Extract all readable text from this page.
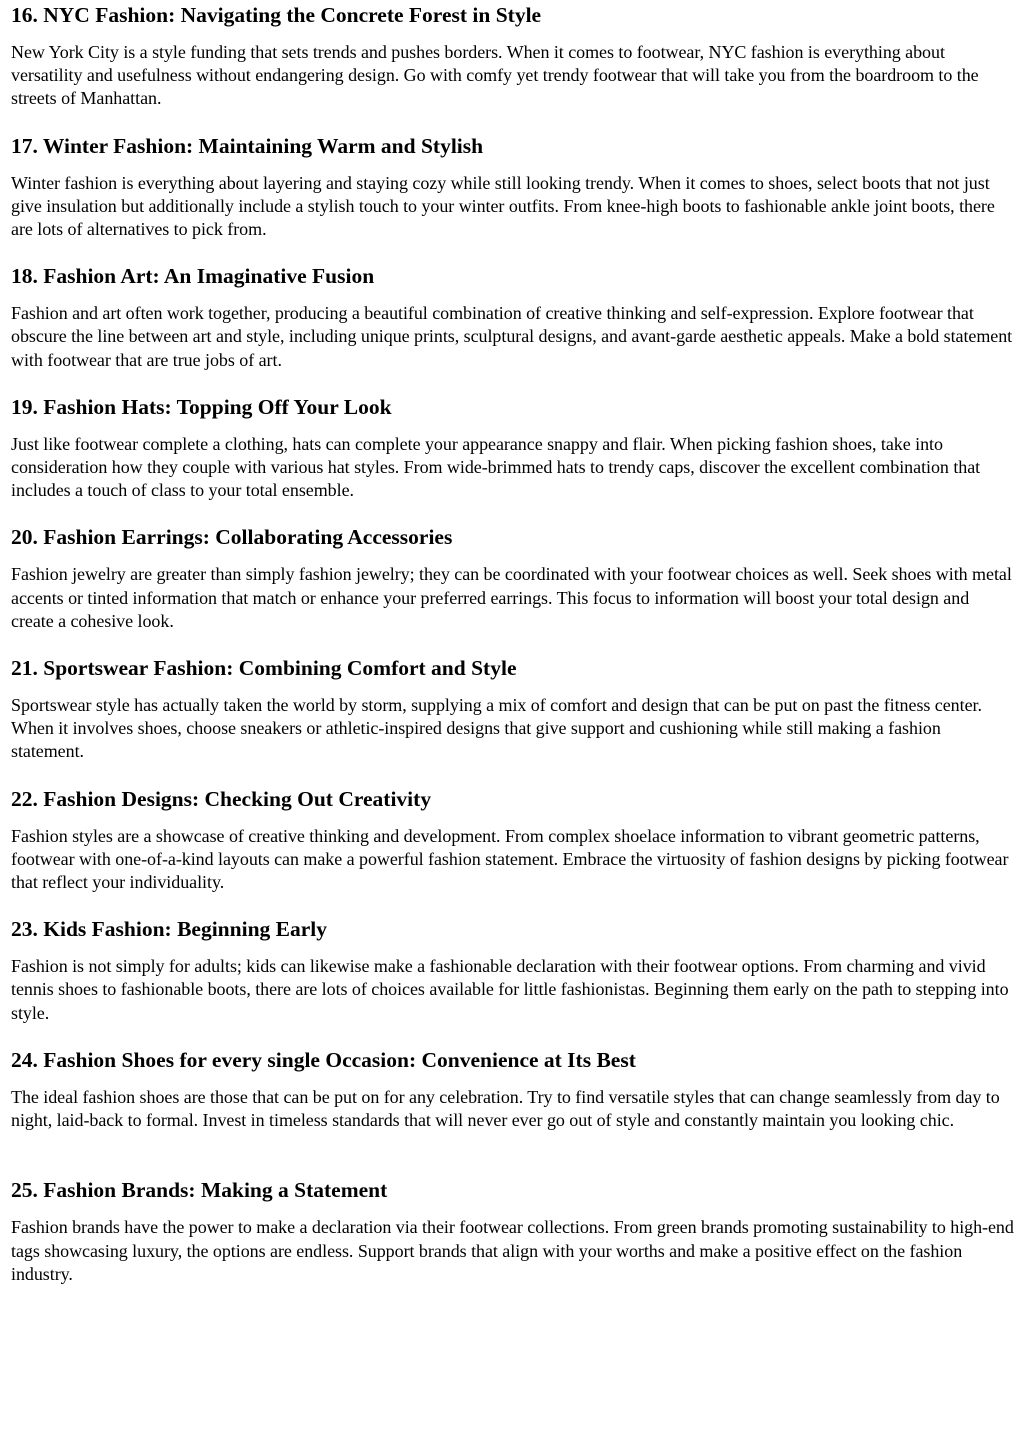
16. NYC Fashion: Navigating the Concrete Forest in Style

New York City is a style funding that sets trends and pushes borders. When it comes to footwear, NYC fashion is everything about versatility and usefulness without endangering design. Go with comfy yet trendy footwear that will take you from the boardroom to the streets of Manhattan.

17. Winter Fashion: Maintaining Warm and Stylish

Winter fashion is everything about layering and staying cozy while still looking trendy. When it comes to shoes, select boots that not just give insulation but additionally include a stylish touch to your winter outfits. From knee-high boots to fashionable ankle joint boots, there are lots of alternatives to pick from.

18. Fashion Art: An Imaginative Fusion

Fashion and art often work together, producing a beautiful combination of creative thinking and self-expression. Explore footwear that obscure the line between art and style, including unique prints, sculptural designs, and avant-garde aesthetic appeals. Make a bold statement with footwear that are true jobs of art.

19. Fashion Hats: Topping Off Your Look

Just like footwear complete a clothing, hats can complete your appearance snappy and flair. When picking fashion shoes, take into consideration how they couple with various hat styles. From wide-brimmed hats to trendy caps, discover the excellent combination that includes a touch of class to your total ensemble.

20. Fashion Earrings: Collaborating Accessories

Fashion jewelry are greater than simply fashion jewelry; they can be coordinated with your footwear choices as well. Seek shoes with metal accents or tinted information that match or enhance your preferred earrings. This focus to information will boost your total design and create a cohesive look.

21. Sportswear Fashion: Combining Comfort and Style

Sportswear style has actually taken the world by storm, supplying a mix of comfort and design that can be put on past the fitness center. When it involves shoes, choose sneakers or athletic-inspired designs that give support and cushioning while still making a fashion statement.

22. Fashion Designs: Checking Out Creativity

Fashion styles are a showcase of creative thinking and development. From complex shoelace information to vibrant geometric patterns, footwear with one-of-a-kind layouts can make a powerful fashion statement. Embrace the virtuosity of fashion designs by picking footwear that reflect your individuality.

23. Kids Fashion: Beginning Early

Fashion is not simply for adults; kids can likewise make a fashionable declaration with their footwear options. From charming and vivid tennis shoes to fashionable boots, there are lots of choices available for little fashionistas. Beginning them early on the path to stepping into style.

24. Fashion Shoes for every single Occasion: Convenience at Its Best

The ideal fashion shoes are those that can be put on for any celebration. Try to find versatile styles that can change seamlessly from day to night, laid-back to formal. Invest in timeless standards that will never ever go out of style and constantly maintain you looking chic.

25. Fashion Brands: Making a Statement

Fashion brands have the power to make a declaration via their footwear collections. From green brands promoting sustainability to high-end tags showcasing luxury, the options are endless. Support brands that align with your worths and make a positive effect on the fashion industry.
